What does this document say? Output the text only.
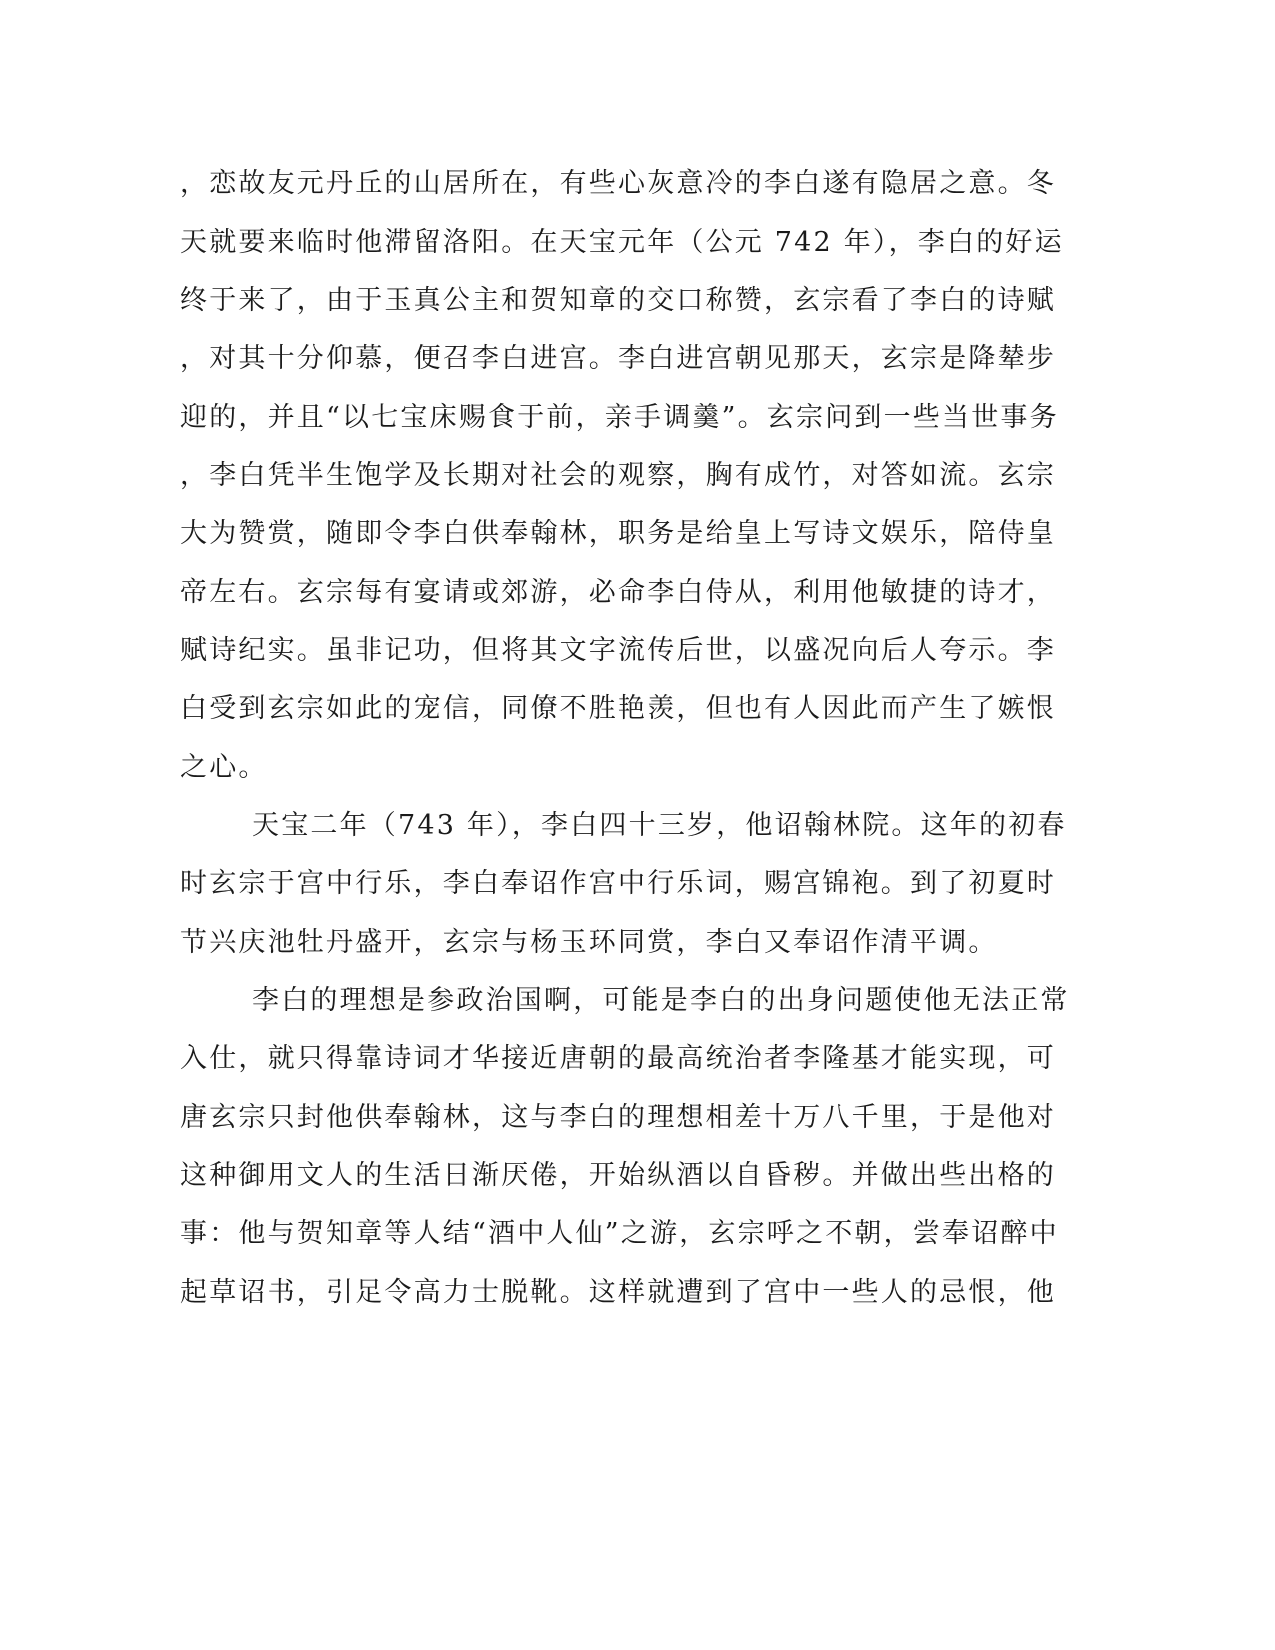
，恋故友元丹丘的山居所在，有些心灰意冷的李白遂有隐居之意。冬
天就要来临时他滞留洛阳。在天宝元年（公元 742 年），李白的好运
终于来了，由于玉真公主和贺知章的交口称赞，玄宗看了李白的诗赋
，对其十分仰慕，便召李白进宫。李白进宫朝见那天，玄宗是降辇步
迎的，并且“以七宝床赐食于前，亲手调羹”。玄宗问到一些当世事务
，李白凭半生饱学及长期对社会的观察，胸有成竹，对答如流。玄宗
大为赞赏，随即令李白供奉翰林，职务是给皇上写诗文娱乐，陪侍皇
帝左右。玄宗每有宴请或郊游，必命李白侍从，利用他敏捷的诗才，
赋诗纪实。虽非记功，但将其文字流传后世，以盛况向后人夸示。李
白受到玄宗如此的宠信，同僚不胜艳羡，但也有人因此而产生了嫉恨
之心。
天宝二年（743 年），李白四十三岁，他诏翰林院。这年的初春
时玄宗于宫中行乐，李白奉诏作宫中行乐词，赐宫锦袍。到了初夏时
节兴庆池牡丹盛开，玄宗与杨玉环同赏，李白又奉诏作清平调。
李白的理想是参政治国啊，可能是李白的出身问题使他无法正常
入仕，就只得靠诗词才华接近唐朝的最高统治者李隆基才能实现，可
唐玄宗只封他供奉翰林，这与李白的理想相差十万八千里，于是他对
这种御用文人的生活日渐厌倦，开始纵酒以自昏秽。并做出些出格的
事：他与贺知章等人结“酒中人仙”之游，玄宗呼之不朝，尝奉诏醉中
起草诏书，引足令高力士脱靴。这样就遭到了宫中一些人的忌恨，他
